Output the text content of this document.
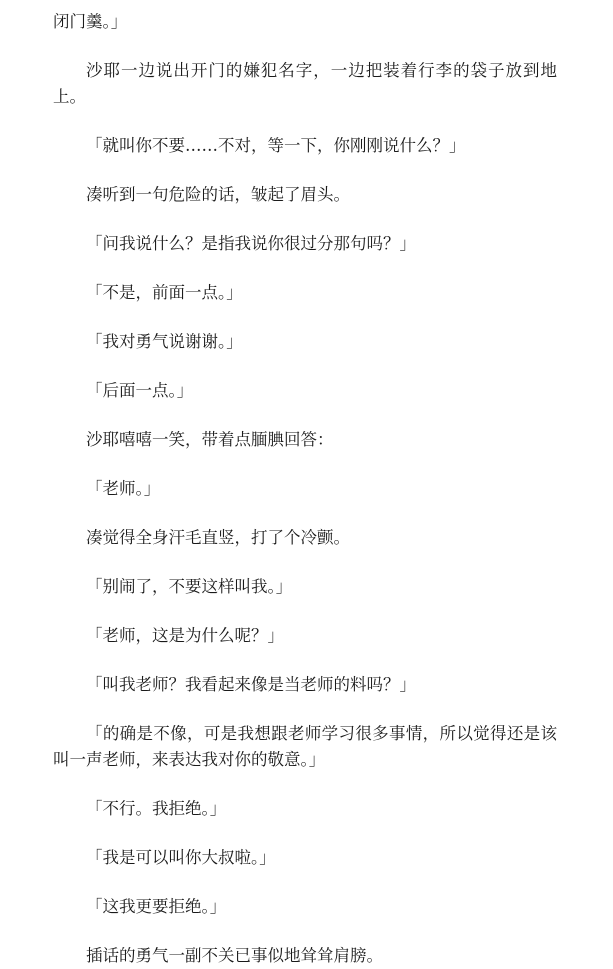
闭门羹。」

沙耶一边说出开门的嫌犯名字，一边把装着行李的袋子放到地上。

「就叫你不要……不对，等一下，你刚刚说什么？」

凑听到一句危险的话，皱起了眉头。

「问我说什么？是指我说你很过分那句吗？」

「不是，前面一点。」

「我对勇气说谢谢。」

「后面一点。」

沙耶嘻嘻一笑，带着点腼腆回答：

「老师。」

凑觉得全身汗毛直竖，打了个冷颤。

「别闹了，不要这样叫我。」

「老师，这是为什么呢？」

「叫我老师？我看起来像是当老师的料吗？」

「的确是不像，可是我想跟老师学习很多事情，所以觉得还是该叫一声老师，来表达我对你的敬意。」

「不行。我拒绝。」

「我是可以叫你大叔啦。」

「这我更要拒绝。」

插话的勇气一副不关已事似地耸耸肩膀。
